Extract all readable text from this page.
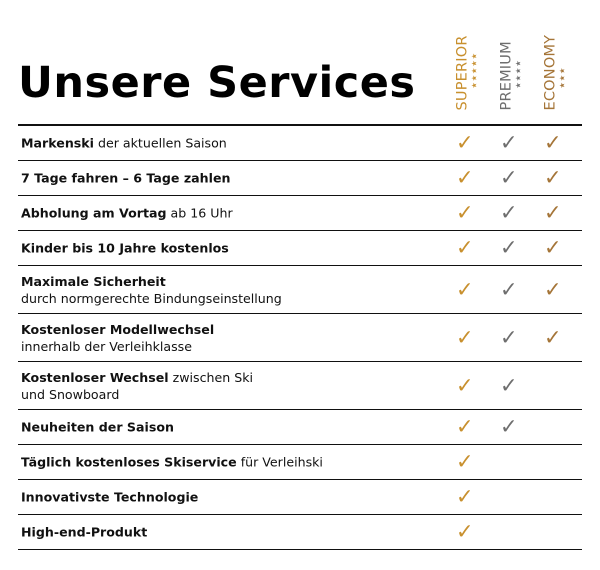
Unsere Services	SUPERIOR ★★★★★ PREMIUM ★★★★ ECONOMY ★★★
Markenski der aktuellen Saison	✓ ✓ ✓
7 Tage fahren – 6 Tage zahlen	✓ ✓ ✓
Abholung am Vortag ab 16 Uhr	✓ ✓ ✓
Kinder bis 10 Jahre kostenlos	✓ ✓ ✓
Maximale Sicherheit
durch normgerechte Bindungseinstellung	✓ ✓ ✓
Kostenloser Modellwechsel
innerhalb der Verleihklasse	✓ ✓ ✓
Kostenloser Wechsel zwischen Ski
und Snowboard	✓ ✓
Neuheiten der Saison	✓ ✓
Täglich kostenloses Skiservice für Verleihski	✓
Innovativste Technologie	✓
High-end-Produkt	✓
